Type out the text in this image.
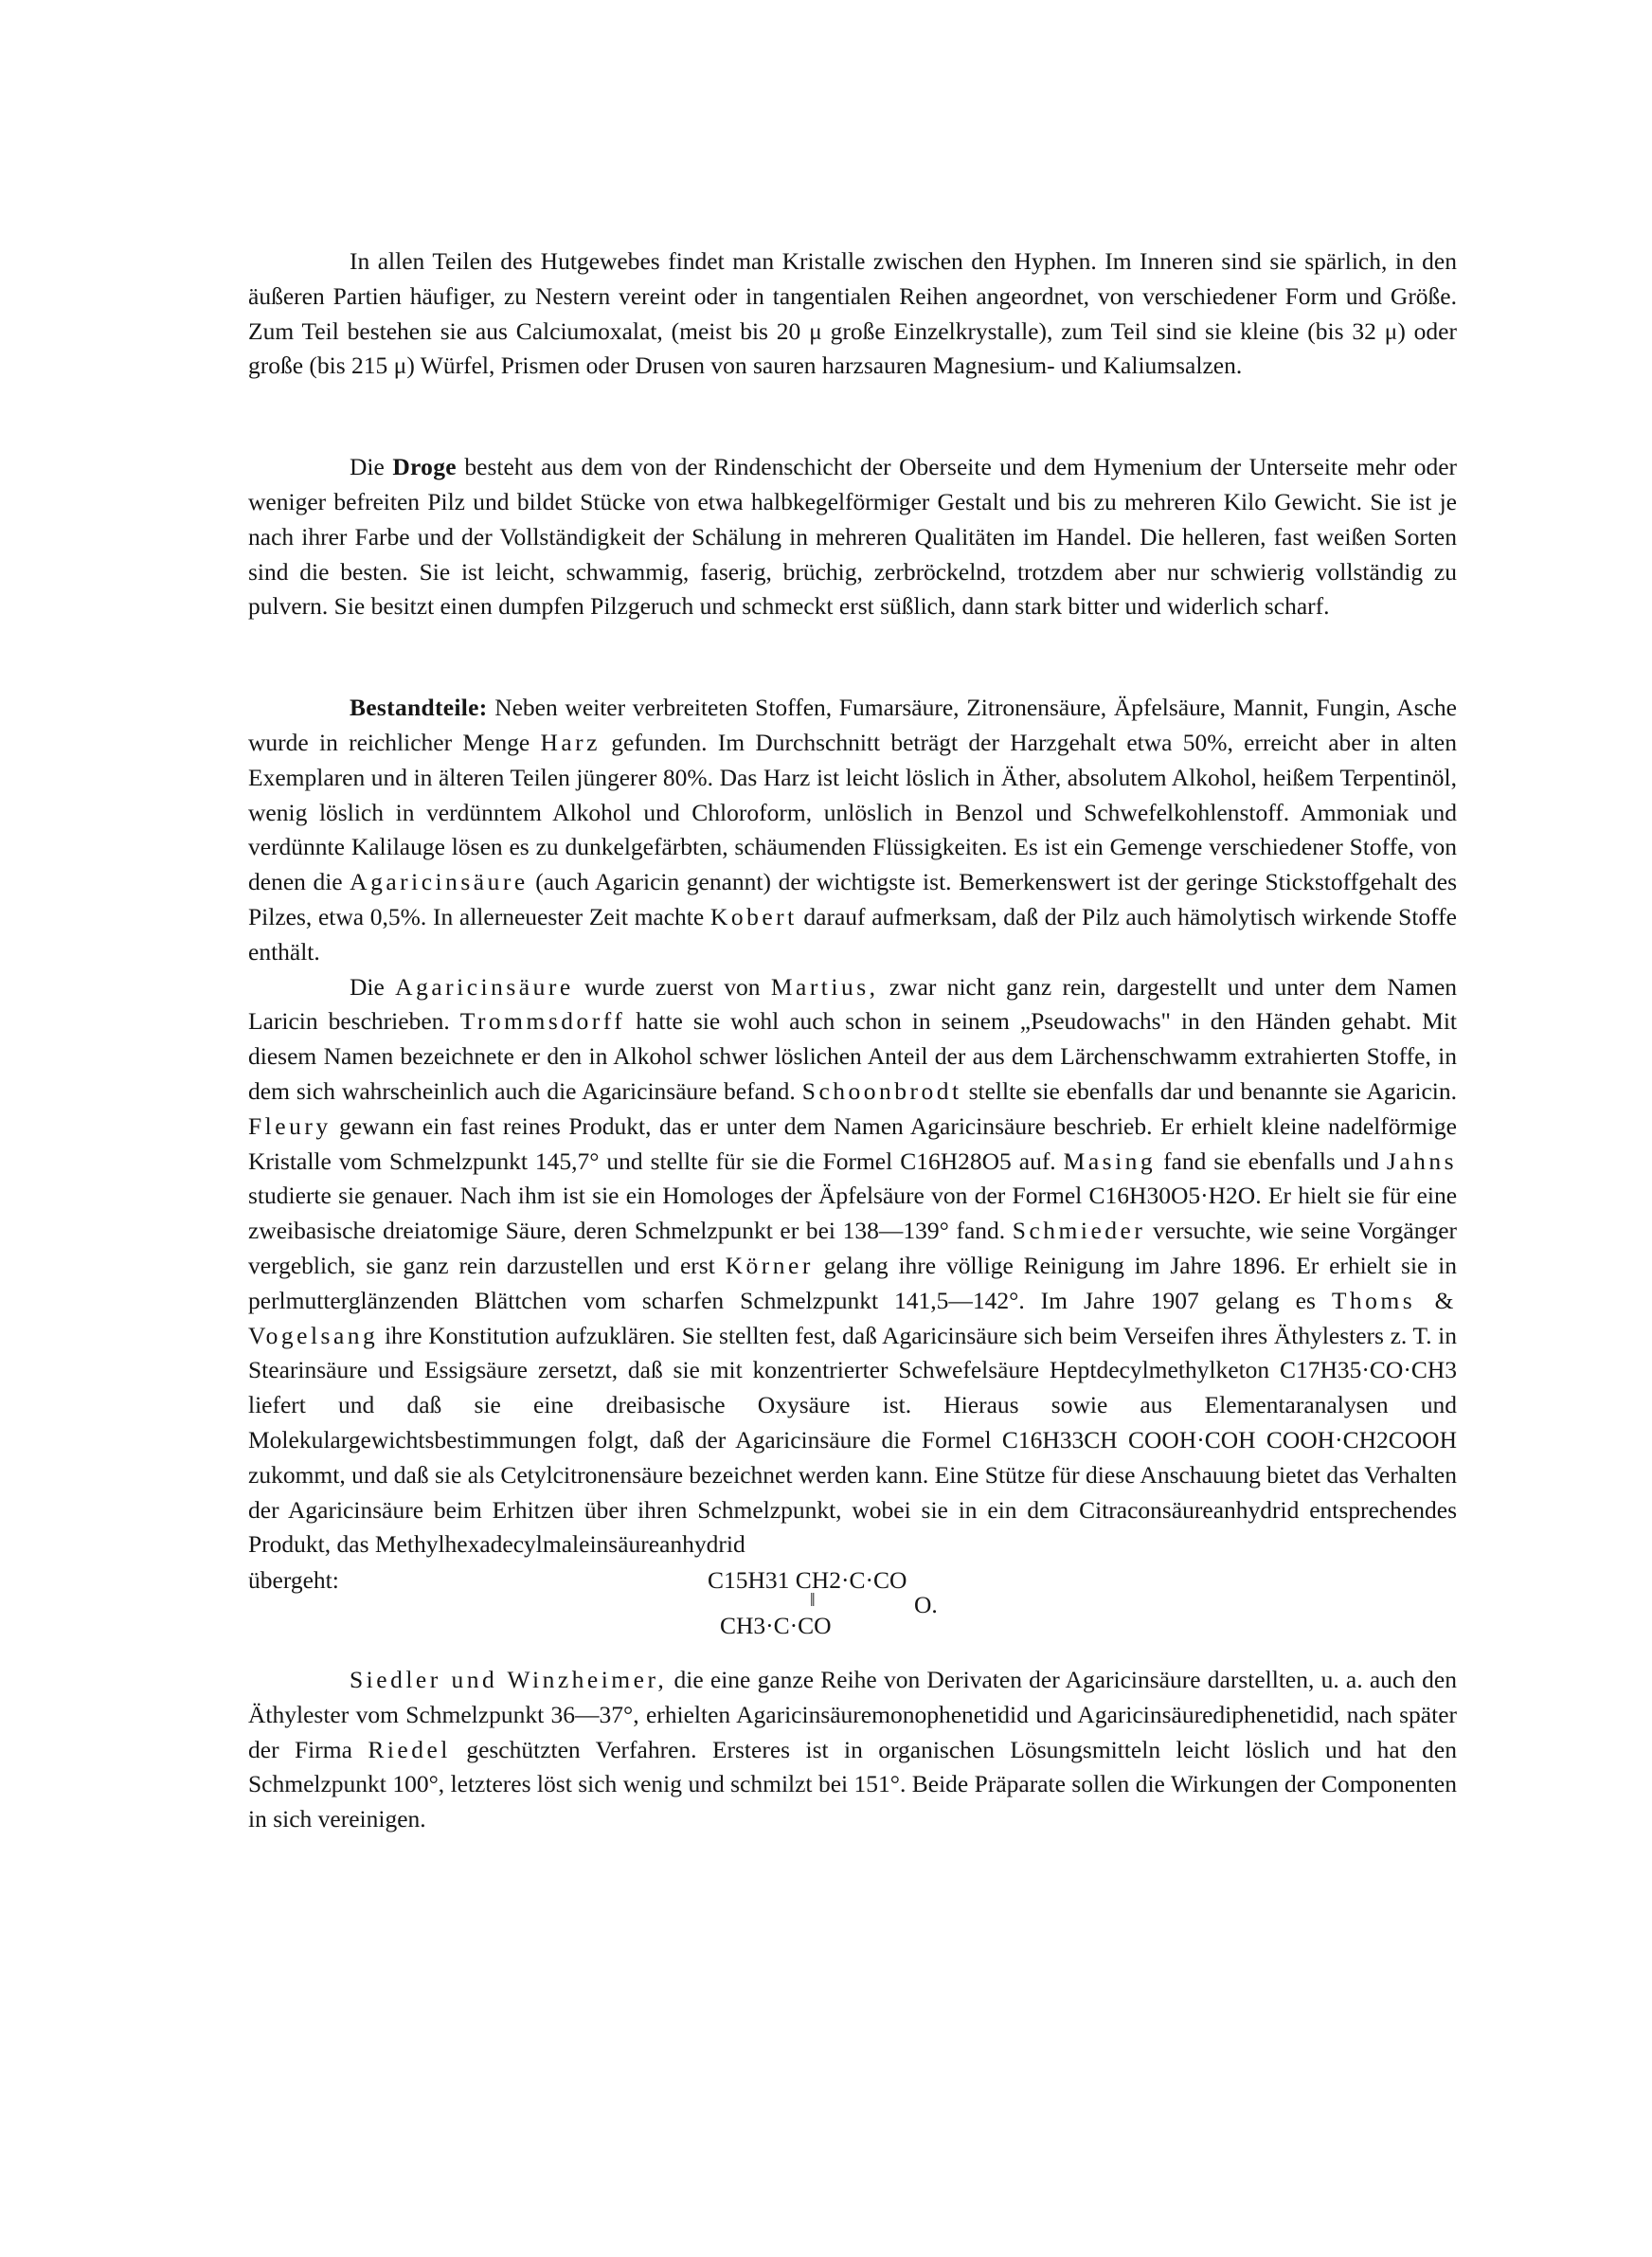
In allen Teilen des Hutgewebes findet man Kristalle zwischen den Hyphen. Im Inneren sind sie spärlich, in den äußeren Partien häufiger, zu Nestern vereint oder in tangentialen Reihen angeordnet, von verschiedener Form und Größe. Zum Teil bestehen sie aus Calciumoxalat, (meist bis 20 μ große Einzelkrystalle), zum Teil sind sie kleine (bis 32 μ) oder große (bis 215 μ) Würfel, Prismen oder Drusen von sauren harzsauren Magnesium- und Kaliumsalzen.

Die Droge besteht aus dem von der Rindenschicht der Oberseite und dem Hymenium der Unterseite mehr oder weniger befreiten Pilz und bildet Stücke von etwa halbkegelförmiger Gestalt und bis zu mehreren Kilo Gewicht. Sie ist je nach ihrer Farbe und der Vollständigkeit der Schälung in mehreren Qualitäten im Handel. Die helleren, fast weißen Sorten sind die besten. Sie ist leicht, schwammig, faserig, brüchig, zerbröckelnd, trotzdem aber nur schwierig vollständig zu pulvern. Sie besitzt einen dumpfen Pilzgeruch und schmeckt erst süßlich, dann stark bitter und widerlich scharf.

Bestandteile: Neben weiter verbreiteten Stoffen, Fumarsäure, Zitronensäure, Äpfelsäure, Mannit, Fungin, Asche wurde in reichlicher Menge Harz gefunden. Im Durchschnitt beträgt der Harzgehalt etwa 50%, erreicht aber in alten Exemplaren und in älteren Teilen jüngerer 80%. Das Harz ist leicht löslich in Äther, absolutem Alkohol, heißem Terpentinöl, wenig löslich in verdünntem Alkohol und Chloroform, unlöslich in Benzol und Schwefelkohlenstoff. Ammoniak und verdünnte Kalilauge lösen es zu dunkelgefärbten, schäumenden Flüssigkeiten. Es ist ein Gemenge verschiedener Stoffe, von denen die Agaricinsäure (auch Agaricin genannt) der wichtigste ist. Bemerkenswert ist der geringe Stickstoffgehalt des Pilzes, etwa 0,5%. In allerneuester Zeit machte Kobert darauf aufmerksam, daß der Pilz auch hämolytisch wirkende Stoffe enthält.

Die Agaricinsäure wurde zuerst von Martius, zwar nicht ganz rein, dargestellt und unter dem Namen Laricin beschrieben. Trommsdorff hatte sie wohl auch schon in seinem „Pseudowachs" in den Händen gehabt. Mit diesem Namen bezeichnete er den in Alkohol schwer löslichen Anteil der aus dem Lärchenschwamm extrahierten Stoffe, in dem sich wahrscheinlich auch die Agaricinsäure befand. Schoonbrodt stellte sie ebenfalls dar und benannte sie Agaricin. Fleury gewann ein fast reines Produkt, das er unter dem Namen Agaricinsäure beschrieb. Er erhielt kleine nadelförmige Kristalle vom Schmelzpunkt 145,7° und stellte für sie die Formel C16H28O5 auf. Masing fand sie ebenfalls und Jahns studierte sie genauer. Nach ihm ist sie ein Homologes der Äpfelsäure von der Formel C16H30O5·H2O. Er hielt sie für eine zweibasische dreiatomige Säure, deren Schmelzpunkt er bei 138—139° fand. Schmieder versuchte, wie seine Vorgänger vergeblich, sie ganz rein darzustellen und erst Körner gelang ihre völlige Reinigung im Jahre 1896. Er erhielt sie in perlmutterglänzenden Blättchen vom scharfen Schmelzpunkt 141,5—142°. Im Jahre 1907 gelang es Thoms & Vogelsang ihre Konstitution aufzuklären. Sie stellten fest, daß Agaricinsäure sich beim Verseifen ihres Äthylesters z. T. in Stearinsäure und Essigsäure zersetzt, daß sie mit konzentrierter Schwefelsäure Heptdecylmethylketon C17H35·CO·CH3 liefert und daß sie eine dreibasische Oxysäure ist. Hieraus sowie aus Elementaranalysen und Molekulargewichtsbestimmungen folgt, daß der Agaricinsäure die Formel C16H33CH COOH·COH COOH·CH2COOH zukommt, und daß sie als Cetylcitronensäure bezeichnet werden kann. Eine Stütze für diese Anschauung bietet das Verhalten der Agaricinsäure beim Erhitzen über ihren Schmelzpunkt, wobei sie in ein dem Citraconsäureanhydrid entsprechendes Produkt, das Methylhexadecylmaleinsäureanhydrid

übergeht:	C15H31 CH2·C·CO
‖
CH3·C·CO
O.

Siedler und Winzheimer, die eine ganze Reihe von Derivaten der Agaricinsäure darstellten, u. a. auch den Äthylester vom Schmelzpunkt 36—37°, erhielten Agaricinsäuremonophenetidid und Agaricinsäurediphenetidid, nach später der Firma Riedel geschützten Verfahren. Ersteres ist in organischen Lösungsmitteln leicht löslich und hat den Schmelzpunkt 100°, letzteres löst sich wenig und schmilzt bei 151°. Beide Präparate sollen die Wirkungen der Componenten in sich vereinigen.
